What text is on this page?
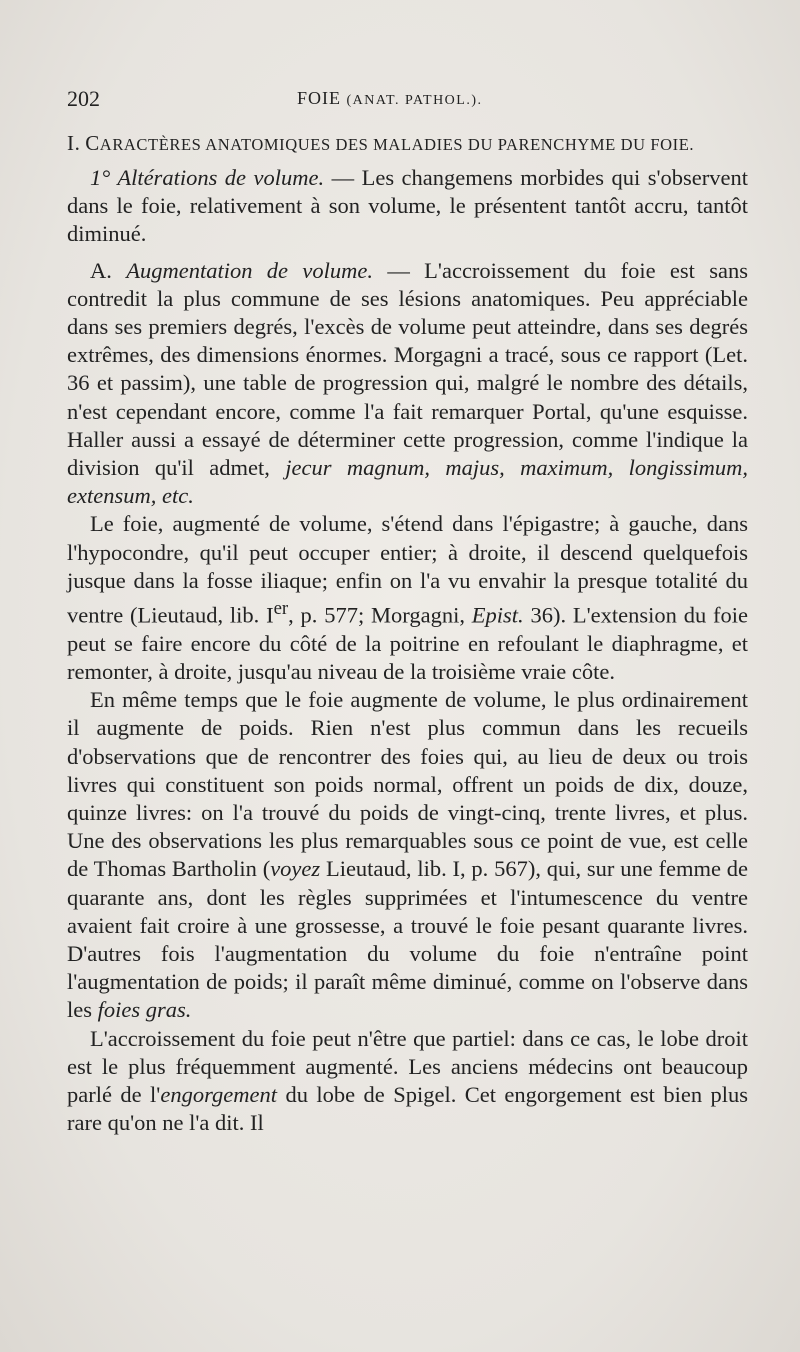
202	FOIE (ANAT. PATHOL.).
I. CARACTÈRES ANATOMIQUES DES MALADIES DU PARENCHYME DU FOIE.

1° Altérations de volume. — Les changemens morbides qui s'observent dans le foie, relativement à son volume, le présentent tantôt accru, tantôt diminué.

A. Augmentation de volume. — L'accroissement du foie est sans contredit la plus commune de ses lésions anatomiques. Peu appréciable dans ses premiers degrés, l'excès de volume peut atteindre, dans ses degrés extrêmes, des dimensions énormes. Morgagni a tracé, sous ce rapport (Let. 36 et passim), une table de progression qui, malgré le nombre des détails, n'est cependant encore, comme l'a fait remarquer Portal, qu'une esquisse. Haller aussi a essayé de déterminer cette progression, comme l'indique la division qu'il admet, jecur magnum, majus, maximum, longissimum, extensum, etc.

Le foie, augmenté de volume, s'étend dans l'épigastre; à gauche, dans l'hypocondre, qu'il peut occuper entier; à droite, il descend quelquefois jusque dans la fosse iliaque; enfin on l'a vu envahir la presque totalité du ventre (Lieutaud, lib. Ier, p. 577; Morgagni, Epist. 36). L'extension du foie peut se faire encore du côté de la poitrine en refoulant le diaphragme, et remonter, à droite, jusqu'au niveau de la troisième vraie côte.

En même temps que le foie augmente de volume, le plus ordinairement il augmente de poids. Rien n'est plus commun dans les recueils d'observations que de rencontrer des foies qui, au lieu de deux ou trois livres qui constituent son poids normal, offrent un poids de dix, douze, quinze livres: on l'a trouvé du poids de vingt-cinq, trente livres, et plus. Une des observations les plus remarquables sous ce point de vue, est celle de Thomas Bartholin (voyez Lieutaud, lib. I, p. 567), qui, sur une femme de quarante ans, dont les règles supprimées et l'intumescence du ventre avaient fait croire à une grossesse, a trouvé le foie pesant quarante livres. D'autres fois l'augmentation du volume du foie n'entraîne point l'augmentation de poids; il paraît même diminué, comme on l'observe dans les foies gras.

L'accroissement du foie peut n'être que partiel: dans ce cas, le lobe droit est le plus fréquemment augmenté. Les anciens médecins ont beaucoup parlé de l'engorgement du lobe de Spigel. Cet engorgement est bien plus rare qu'on ne l'a dit. Il
